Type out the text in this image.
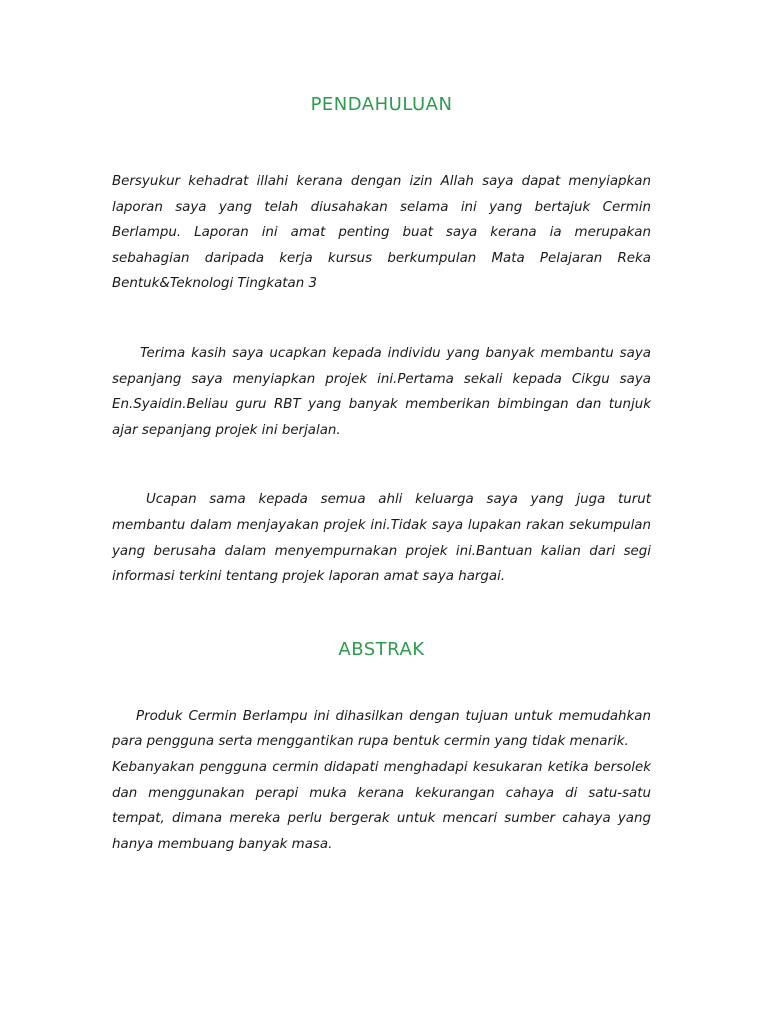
PENDAHULUAN

Bersyukur kehadrat illahi kerana dengan izin Allah saya dapat menyiapkan laporan saya yang telah diusahakan selama ini yang bertajuk Cermin Berlampu. Laporan ini amat penting buat saya kerana ia merupakan sebahagian daripada kerja kursus berkumpulan Mata Pelajaran Reka Bentuk&Teknologi Tingkatan 3

Terima kasih saya ucapkan kepada individu yang banyak membantu saya sepanjang saya menyiapkan projek ini.Pertama sekali kepada Cikgu saya En.Syaidin.Beliau guru RBT yang banyak memberikan bimbingan dan tunjuk ajar sepanjang projek ini berjalan.

Ucapan sama kepada semua ahli keluarga saya yang juga turut membantu dalam menjayakan projek ini.Tidak saya lupakan rakan sekumpulan yang berusaha dalam menyempurnakan projek ini.Bantuan kalian dari segi informasi terkini tentang projek laporan amat saya hargai.

ABSTRAK

Produk Cermin Berlampu ini dihasilkan dengan tujuan untuk memudahkan para pengguna serta menggantikan rupa bentuk cermin yang tidak menarik.

Kebanyakan pengguna cermin didapati menghadapi kesukaran ketika bersolek dan menggunakan perapi muka kerana kekurangan cahaya di satu-satu tempat, dimana mereka perlu bergerak untuk mencari sumber cahaya yang hanya membuang banyak masa.
